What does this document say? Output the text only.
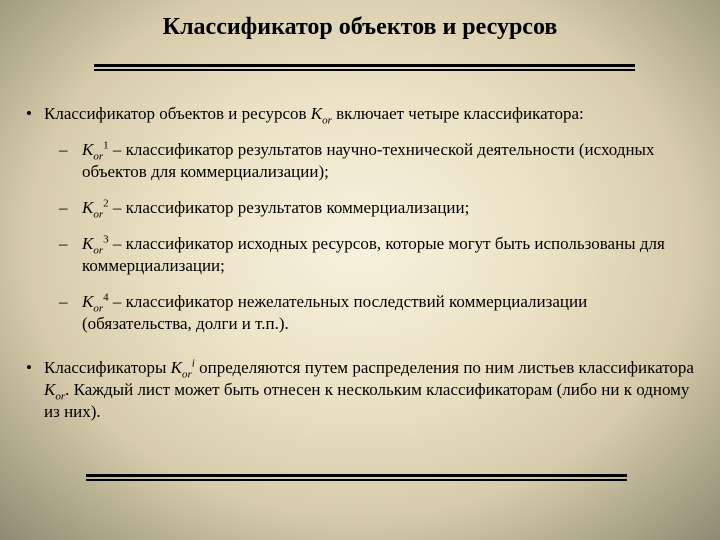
Классификатор объектов и ресурсов
• Классификатор объектов и ресурсов $K_{or}$ включает четыре классификатора:
– $K_{or}^1$ – классификатор результатов научно-технической деятельности (исходных объектов для коммерциализации);
– $K_{or}^2$ – классификатор результатов коммерциализации;
– $K_{or}^3$ – классификатор исходных ресурсов, которые могут быть использованы для коммерциализации;
– $K_{or}^4$ – классификатор нежелательных последствий коммерциализации (обязательства, долги и т.п.).
• Классификаторы $K_{or}^i$ определяются путем распределения по ним листьев классификатора $K_{or}$. Каждый лист может быть отнесен к нескольким классификаторам (либо ни к одному из них).
